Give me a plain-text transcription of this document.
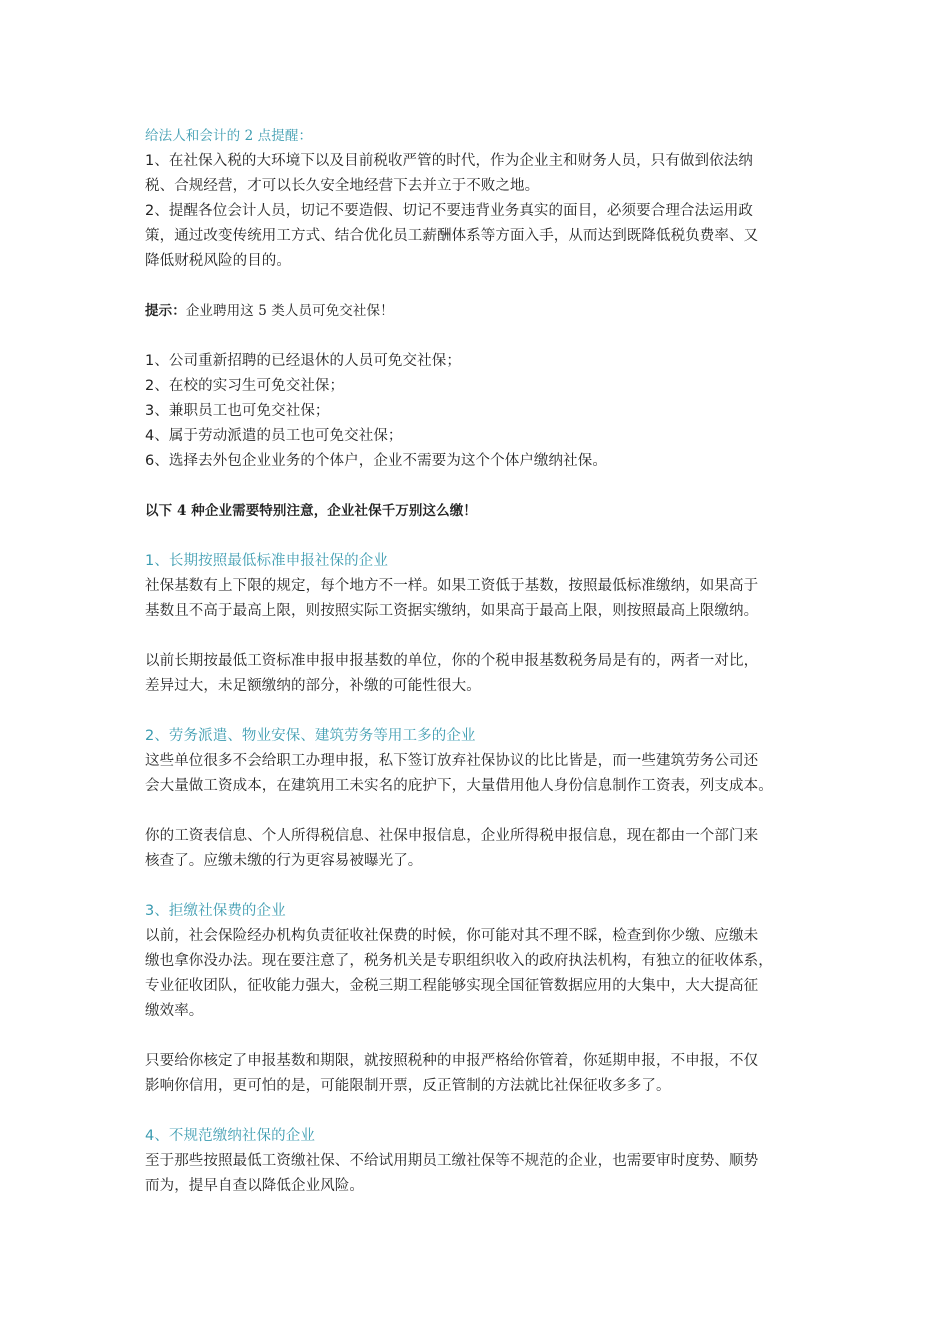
给法人和会计的 2 点提醒：
1、在社保入税的大环境下以及目前税收严管的时代，作为企业主和财务人员，只有做到依法纳
税、合规经营，才可以长久安全地经营下去并立于不败之地。
2、提醒各位会计人员，切记不要造假、切记不要违背业务真实的面目，必须要合理合法运用政
策，通过改变传统用工方式、结合优化员工薪酬体系等方面入手，从而达到既降低税负费率、又
降低财税风险的目的。
提示：企业聘用这 5 类人员可免交社保！
1、公司重新招聘的已经退休的人员可免交社保；
2、在校的实习生可免交社保；
3、兼职员工也可免交社保；
4、属于劳动派遣的员工也可免交社保；
6、选择去外包企业业务的个体户，企业不需要为这个个体户缴纳社保。
以下 4 种企业需要特别注意，企业社保千万别这么缴！
1、长期按照最低标准申报社保的企业
社保基数有上下限的规定，每个地方不一样。如果工资低于基数，按照最低标准缴纳，如果高于
基数且不高于最高上限，则按照实际工资据实缴纳，如果高于最高上限，则按照最高上限缴纳。
以前长期按最低工资标准申报申报基数的单位，你的个税申报基数税务局是有的，两者一对比，
差异过大，未足额缴纳的部分，补缴的可能性很大。
2、劳务派遣、物业安保、建筑劳务等用工多的企业
这些单位很多不会给职工办理申报，私下签订放弃社保协议的比比皆是，而一些建筑劳务公司还
会大量做工资成本，在建筑用工未实名的庇护下，大量借用他人身份信息制作工资表，列支成本。
你的工资表信息、个人所得税信息、社保申报信息，企业所得税申报信息，现在都由一个部门来
核查了。应缴未缴的行为更容易被曝光了。
3、拒缴社保费的企业
以前，社会保险经办机构负责征收社保费的时候，你可能对其不理不睬，检查到你少缴、应缴未
缴也拿你没办法。现在要注意了，税务机关是专职组织收入的政府执法机构，有独立的征收体系，
专业征收团队，征收能力强大，金税三期工程能够实现全国征管数据应用的大集中，大大提高征
缴效率。
只要给你核定了申报基数和期限，就按照税种的申报严格给你管着，你延期申报，不申报，不仅
影响你信用，更可怕的是，可能限制开票，反正管制的方法就比社保征收多多了。
4、不规范缴纳社保的企业
至于那些按照最低工资缴社保、不给试用期员工缴社保等不规范的企业，也需要审时度势、顺势
而为，提早自查以降低企业风险。
